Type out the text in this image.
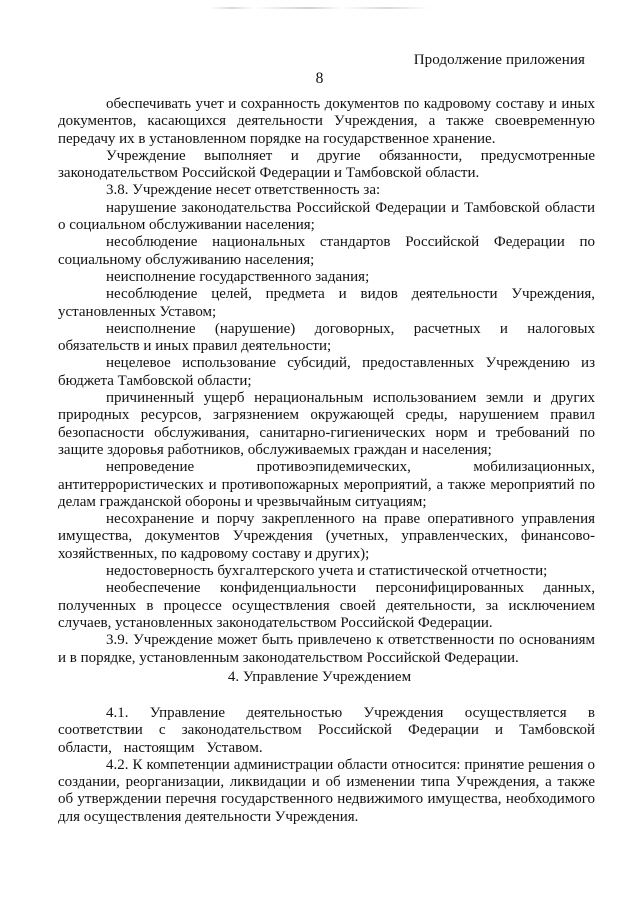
Продолжение приложения
8

обеспечивать учет и сохранность документов по кадровому составу и иных документов, касающихся деятельности Учреждения, а также своевременную передачу их в установленном порядке на государственное хранение.

Учреждение выполняет и другие обязанности, предусмотренные законодательством Российской Федерации и Тамбовской области.

3.8. Учреждение несет ответственность за:

нарушение законодательства Российской Федерации и Тамбовской области о социальном обслуживании населения;

несоблюдение национальных стандартов Российской Федерации по социальному обслуживанию населения;

неисполнение государственного задания;

несоблюдение целей, предмета и видов деятельности Учреждения, установленных Уставом;

неисполнение (нарушение) договорных, расчетных и налоговых обязательств и иных правил деятельности;

нецелевое использование субсидий, предоставленных Учреждению из бюджета Тамбовской области;

причиненный ущерб нерациональным использованием земли и других природных ресурсов, загрязнением окружающей среды, нарушением правил безопасности обслуживания, санитарно-гигиенических норм и требований по защите здоровья работников, обслуживаемых граждан и населения;

непроведение противоэпидемических, мобилизационных, антитеррористических и противопожарных мероприятий, а также мероприятий по делам гражданской обороны и чрезвычайным ситуациям;

несохранение и порчу закрепленного на праве оперативного управления имущества, документов Учреждения (учетных, управленческих, финансово-хозяйственных, по кадровому составу и других);

недостоверность бухгалтерского учета и статистической отчетности;

необеспечение конфиденциальности персонифицированных данных, полученных в процессе осуществления своей деятельности, за исключением случаев, установленных законодательством Российской Федерации.

3.9. Учреждение может быть привлечено к ответственности по основаниям и в порядке, установленным законодательством Российской Федерации.

4. Управление Учреждением

4.1. Управление деятельностью Учреждения осуществляется в соответствии с законодательством Российской Федерации и Тамбовской области, настоящим Уставом.

4.2. К компетенции администрации области относится: принятие решения о создании, реорганизации, ликвидации и об изменении типа Учреждения, а также об утверждении перечня государственного недвижимого имущества, необходимого для осуществления деятельности Учреждения.
